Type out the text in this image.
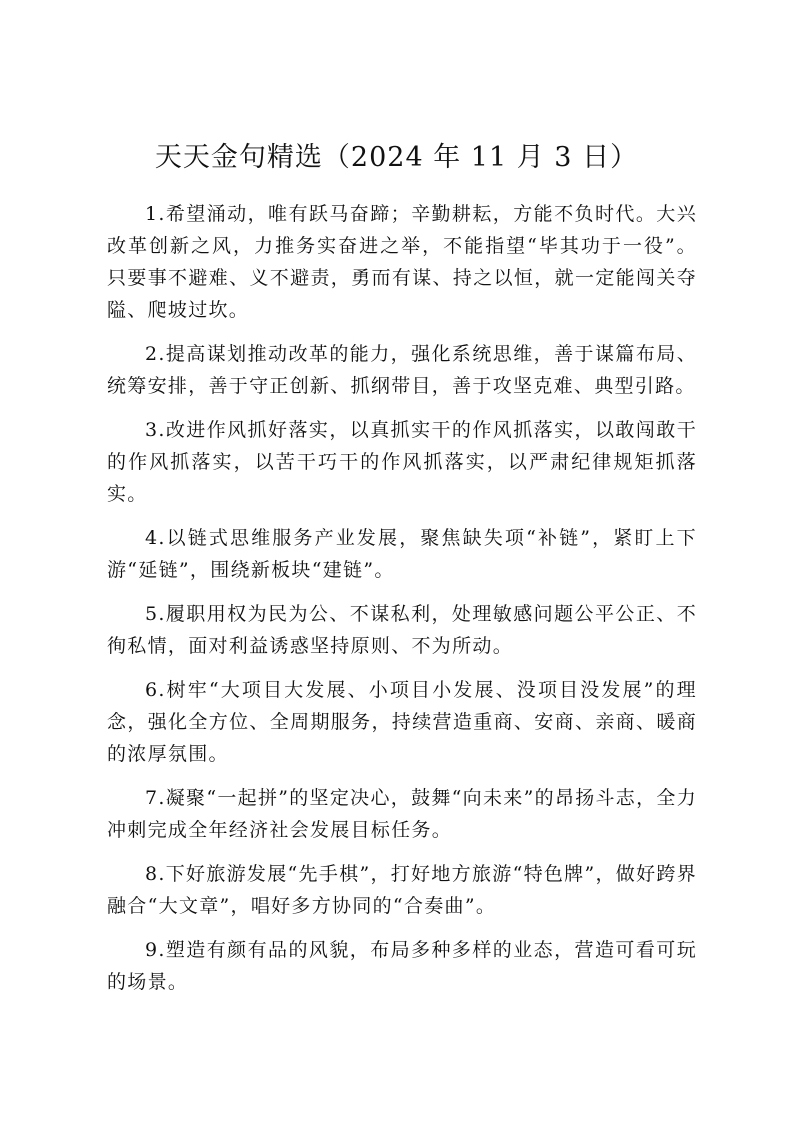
天天金句精选（2024 年 11 月 3 日）

1.希望涌动，唯有跃马奋蹄；辛勤耕耘，方能不负时代。大兴改革创新之风，力推务实奋进之举，不能指望“毕其功于一役”。只要事不避难、义不避责，勇而有谋、持之以恒，就一定能闯关夺隘、爬坡过坎。

2.提高谋划推动改革的能力，强化系统思维，善于谋篇布局、统筹安排，善于守正创新、抓纲带目，善于攻坚克难、典型引路。

3.改进作风抓好落实，以真抓实干的作风抓落实，以敢闯敢干的作风抓落实，以苦干巧干的作风抓落实，以严肃纪律规矩抓落实。

4.以链式思维服务产业发展，聚焦缺失项“补链”，紧盯上下游“延链”，围绕新板块“建链”。

5.履职用权为民为公、不谋私利，处理敏感问题公平公正、不徇私情，面对利益诱惑坚持原则、不为所动。

6.树牢“大项目大发展、小项目小发展、没项目没发展”的理念，强化全方位、全周期服务，持续营造重商、安商、亲商、暖商的浓厚氛围。

7.凝聚“一起拼”的坚定决心，鼓舞“向未来”的昂扬斗志，全力冲刺完成全年经济社会发展目标任务。

8.下好旅游发展“先手棋”，打好地方旅游“特色牌”，做好跨界融合“大文章”，唱好多方协同的“合奏曲”。

9.塑造有颜有品的风貌，布局多种多样的业态，营造可看可玩的场景。
